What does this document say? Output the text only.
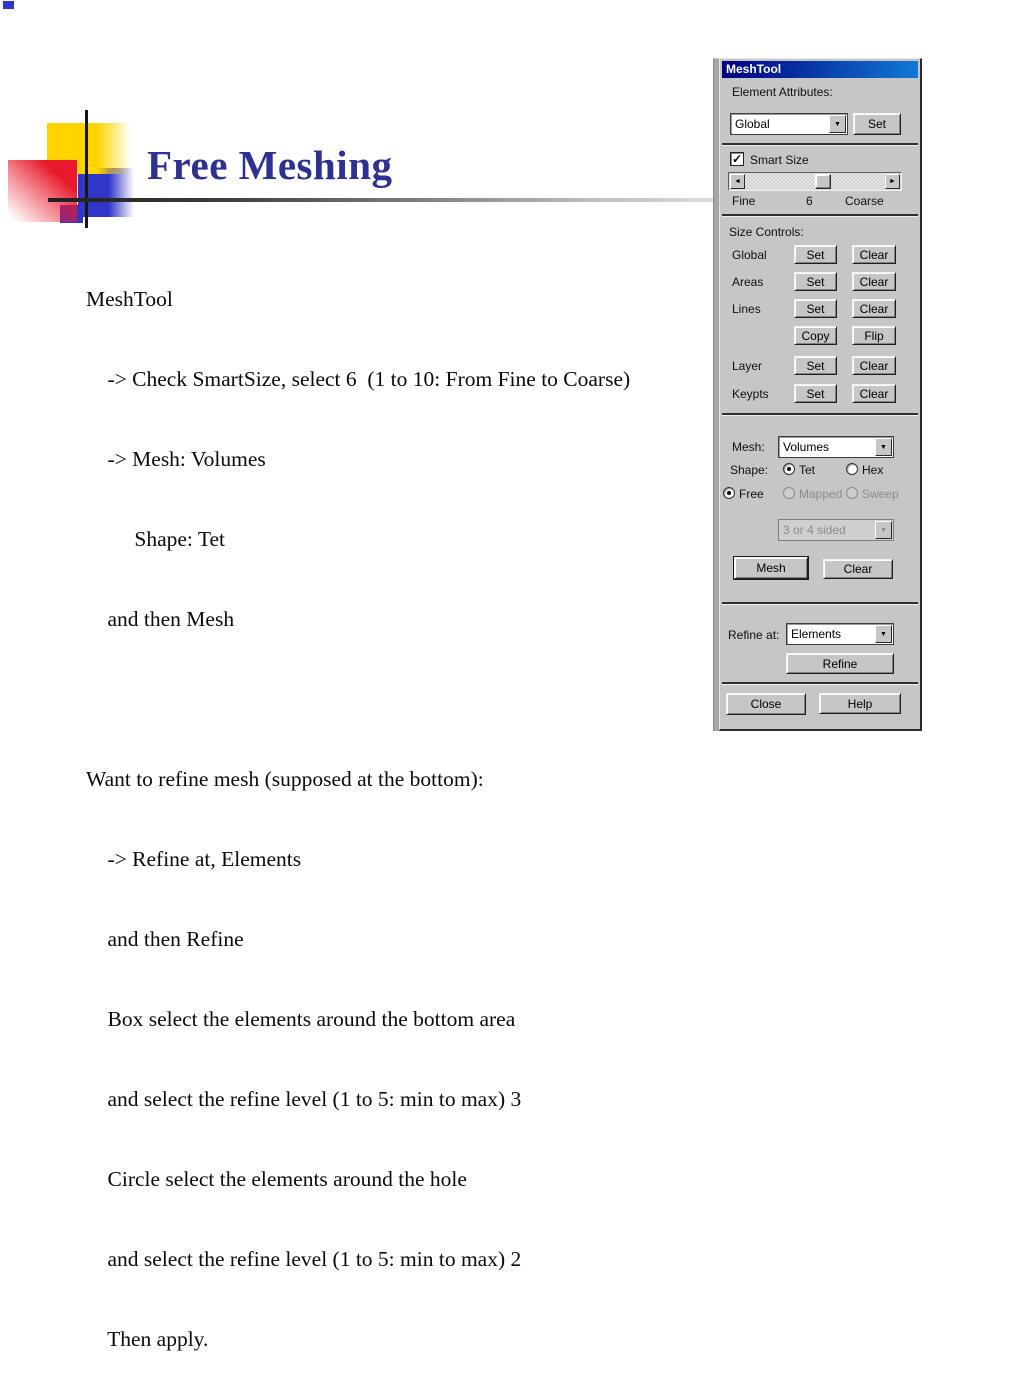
Free Meshing

MeshTool

-> Check SmartSize, select 6  (1 to 10: From Fine to Coarse)

-> Mesh: Volumes

Shape: Tet

and then Mesh

Want to refine mesh (supposed at the bottom):

-> Refine at, Elements

and then Refine

Box select the elements around the bottom area

and select the refine level (1 to 5: min to max) 3

Circle select the elements around the hole

and select the refine level (1 to 5: min to max) 2

Then apply.

MeshTool
Element Attributes:
Global	▼	Set
✓ Smart Size
◄	►
Fine	6	Coarse
Size Controls:
Global	Set	Clear
Areas	Set	Clear
Lines	Set	Clear
Copy	Flip
Layer	Set	Clear
Keypts	Set	Clear
Mesh:	Volumes	▼
Shape:	Tet	Hex
Free	Mapped Sweep
3 or 4 sided	▼
Mesh	Clear
Refine at: Elements	▼
Refine
Close	Help
